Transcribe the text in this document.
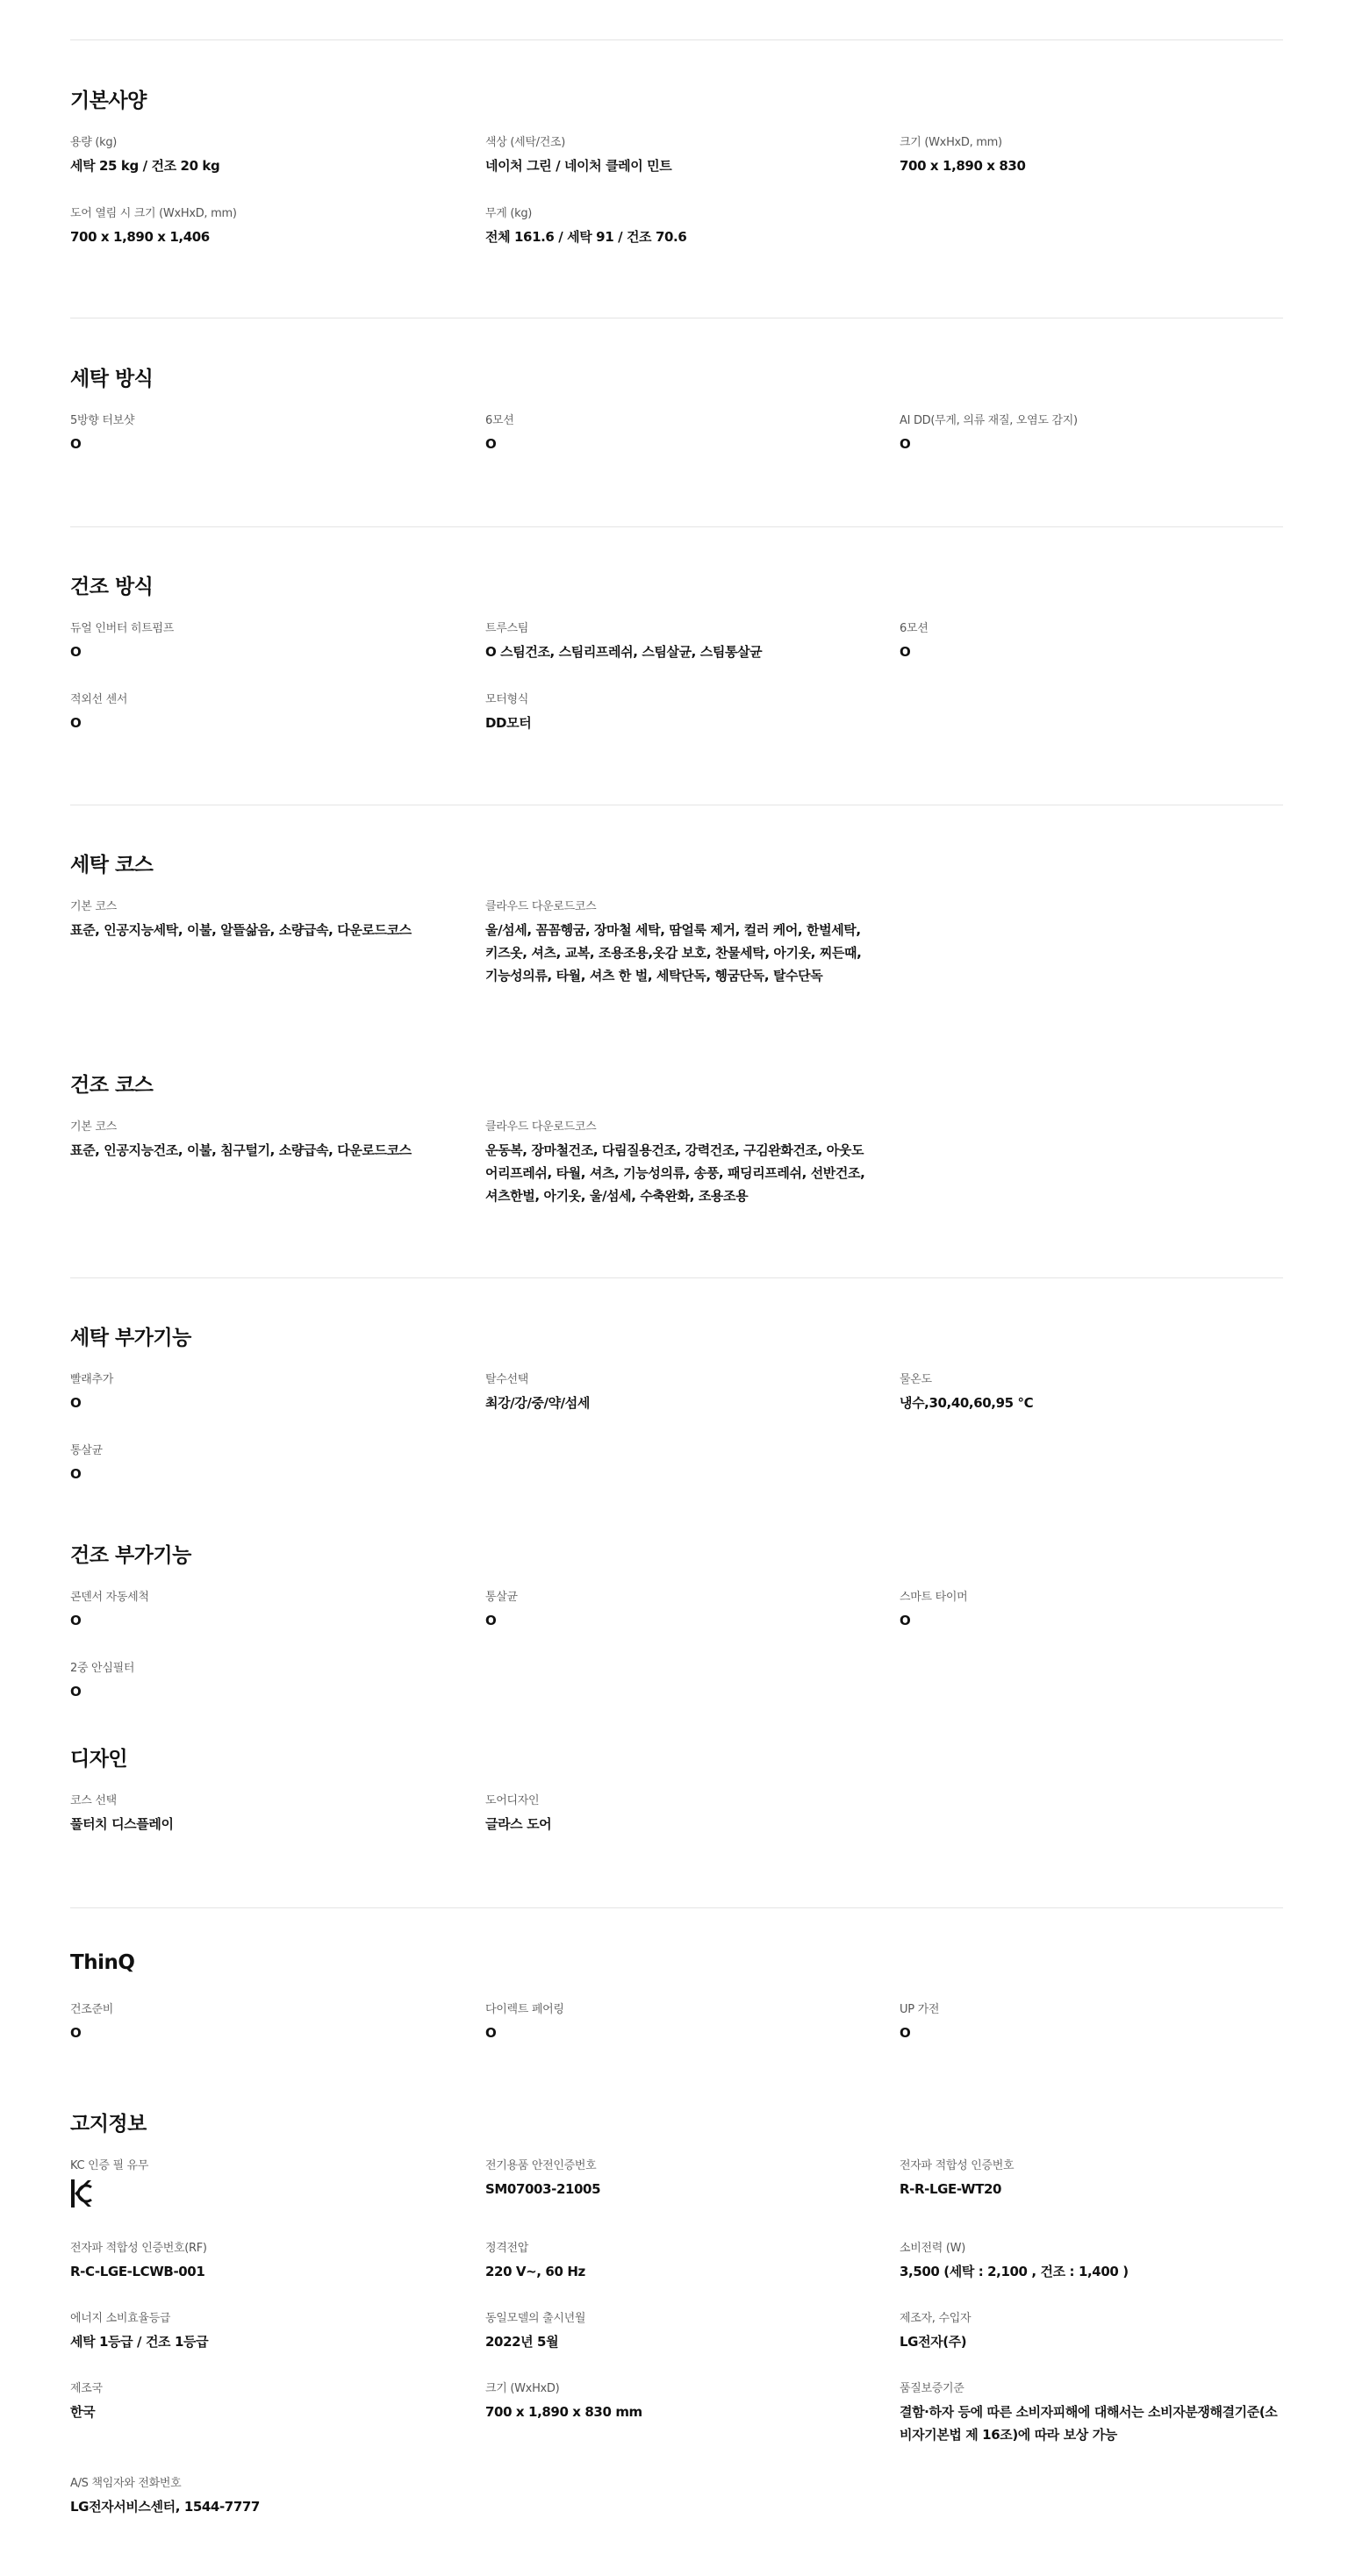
기본사양
용량 (kg)
세탁 25 kg / 건조 20 kg
색상 (세탁/건조)
네이처 그린 / 네이처 클레이 민트
크기 (WxHxD, mm)
700 x 1,890 x 830
도어 열림 시 크기 (WxHxD, mm)
700 x 1,890 x 1,406
무게 (kg)
전체 161.6 / 세탁 91 / 건조 70.6
세탁 방식
5방향 터보샷
O
6모션
O
AI DD(무게, 의류 재질, 오염도 감지)
O
건조 방식
듀얼 인버터 히트펌프
O
트루스팀
O 스팀건조, 스팀리프레쉬, 스팀살균, 스팀통살균
6모션
O
적외선 센서
O
모터형식
DD모터
세탁 코스
기본 코스
표준, 인공지능세탁, 이불, 알뜰삶음, 소량급속, 다운로드코스
클라우드 다운로드코스
울/섬세, 꼼꼼헹굼, 장마철 세탁, 땀얼룩 제거, 컬러 케어, 한벌세탁, 키즈옷, 셔츠, 교복, 조용조용,옷감 보호, 찬물세탁, 아기옷, 찌든때, 기능성의류, 타월, 셔츠 한 벌, 세탁단독, 헹굼단독, 탈수단독
건조 코스
기본 코스
표준, 인공지능건조, 이불, 침구털기, 소량급속, 다운로드코스
클라우드 다운로드코스
운동복, 장마철건조, 다림질용건조, 강력건조, 구김완화건조, 아웃도어리프레쉬, 타월, 셔츠, 기능성의류, 송풍, 패딩리프레쉬, 선반건조, 셔츠한벌, 아기옷, 울/섬세, 수축완화, 조용조용
세탁 부가기능
빨래추가
O
탈수선택
최강/강/중/약/섬세
물온도
냉수,30,40,60,95 ℃
통살균
O
건조 부가기능
콘덴서 자동세척
O
통살균
O
스마트 타이머
O
2중 안심필터
O
디자인
코스 선택
풀터치 디스플레이
도어디자인
글라스 도어
ThinQ
건조준비
O
다이렉트 페어링
O
UP 가전
O
고지정보
KC 인증 필 유무	전기용품 안전인증번호
SM07003-21005
전자파 적합성 인증번호
R-R-LGE-WT20
전자파 적합성 인증번호(RF)
R-C-LGE-LCWB-001
정격전압
220 V~, 60 Hz
소비전력 (W)
3,500 (세탁 : 2,100 , 건조 : 1,400 )
에너지 소비효율등급
세탁 1등급 / 건조 1등급
동일모델의 출시년월
2022년 5월
제조자, 수입자
LG전자(주)
제조국
한국
크기 (WxHxD)
700 x 1,890 x 830 mm
품질보증기준
결함·하자 등에 따른 소비자피해에 대해서는 소비자분쟁해결기준(소비자기본법 제 16조)에 따라 보상 가능
A/S 책임자와 전화번호
LG전자서비스센터, 1544-7777
